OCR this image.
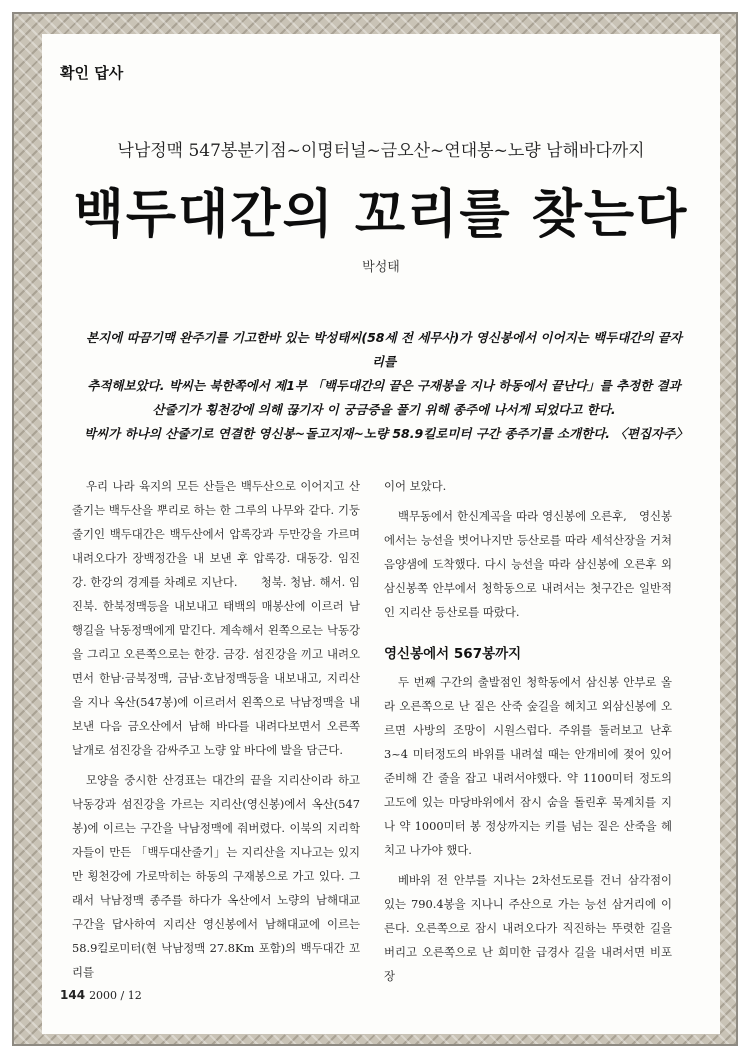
확인 답사
낙남정맥 547봉분기점~이명터널~금오산~연대봉~노량 남해바다까지
백두대간의 꼬리를 찾는다
박성태
본지에 따끔기맥 완주기를 기고한바 있는 박성태씨(58세 전 세무사)가 영신봉에서 이어지는 백두대간의 끝자리를
추적해보았다. 박씨는 북한쪽에서 제1부 「백두대간의 끝은 구재봉을 지나 하동에서 끝난다」를 추정한 결과
산줄기가 횡천강에 의해 끊기자 이 궁금증을 풀기 위해 종주에 나서게 되었다고 한다.
박씨가 하나의 산줄기로 연결한 영신봉~돌고지재~노량 58.9킬로미터 구간 종주기를 소개한다. 〈편집자주〉

우리 나라 육지의 모든 산들은 백두산으로 이어지고 산줄기는 백두산을 뿌리로 하는 한 그루의 나무와 같다. 기둥줄기인 백두대간은 백두산에서 압록강과 두만강을 가르며 내려오다가 장백정간을 내 보낸 후 압록강. 대동강. 임진강. 한강의 경계를 차례로 지난다.　　청북. 청남. 해서. 임진북. 한북정맥등을 내보내고 태백의 매봉산에 이르러 남행길을 낙동정맥에게 맡긴다. 계속해서 왼쪽으로는 낙동강을 그리고 오른쪽으로는 한강. 금강. 섬진강을 끼고 내려오면서 한남·금북정맥, 금남·호남정맥등을 내보내고, 지리산을 지나 옥산(547봉)에 이르러서 왼쪽으로 낙남정맥을 내보낸 다음 금오산에서 남해 바다를 내려다보면서 오른쪽 날개로 섬진강을 감싸주고 노량 앞 바다에 발을 담근다.

모양을 중시한 산경표는 대간의 끝을 지리산이라 하고 낙동강과 섬진강을 가르는 지리산(영신봉)에서 옥산(547봉)에 이르는 구간을 낙남정맥에 줘버렸다. 이북의 지리학자들이 만든 「백두대산줄기」는 지리산을 지나고는 있지만 횡천강에 가로막히는 하동의 구재봉으로 가고 있다. 그래서 낙남정맥 종주를 하다가 옥산에서 노량의 남해대교 구간을 답사하여 지리산 영신봉에서 남해대교에 이르는 58.9킬로미터(현 낙남정맥 27.8Km 포함)의 백두대간 꼬리를

이어 보았다.

백무동에서 한신계곡을 따라 영신봉에 오른후,　영신봉에서는 능선을 벗어나지만 등산로를 따라 세석산장을 거쳐 음양샘에 도착했다. 다시 능선을 따라 삼신봉에 오른후 외삼신봉쪽 안부에서 청학동으로 내려서는 첫구간은 일반적인 지리산 등산로를 따랐다.

영신봉에서 567봉까지

두 번째 구간의 출발점인 청학동에서 삼신봉 안부로 올라 오른쪽으로 난 짙은 산죽 숲길을 헤치고 외삼신봉에 오르면 사방의 조망이 시원스럽다. 주위를 둘러보고 난후 3~4 미터정도의 바위를 내려설 때는 안개비에 젖어 있어 준비해 간 줄을 잡고 내려서야했다. 약 1100미터 정도의 고도에 있는 마당바위에서 잠시 숨을 돌린후 묵계치를 지나 약 1000미터 봉 정상까지는 키를 넘는 짙은 산죽을 헤치고 나가야 했다.

베바위 전 안부를 지나는 2차선도로를 건너 삼각점이 있는 790.4봉을 지나니 주산으로 가는 능선 삼거리에 이른다. 오른쪽으로 잠시 내려오다가 직진하는 뚜렷한 길을 버리고 오른쪽으로 난 희미한 급경사 길을 내려서면 비포장

144 2000 / 12
